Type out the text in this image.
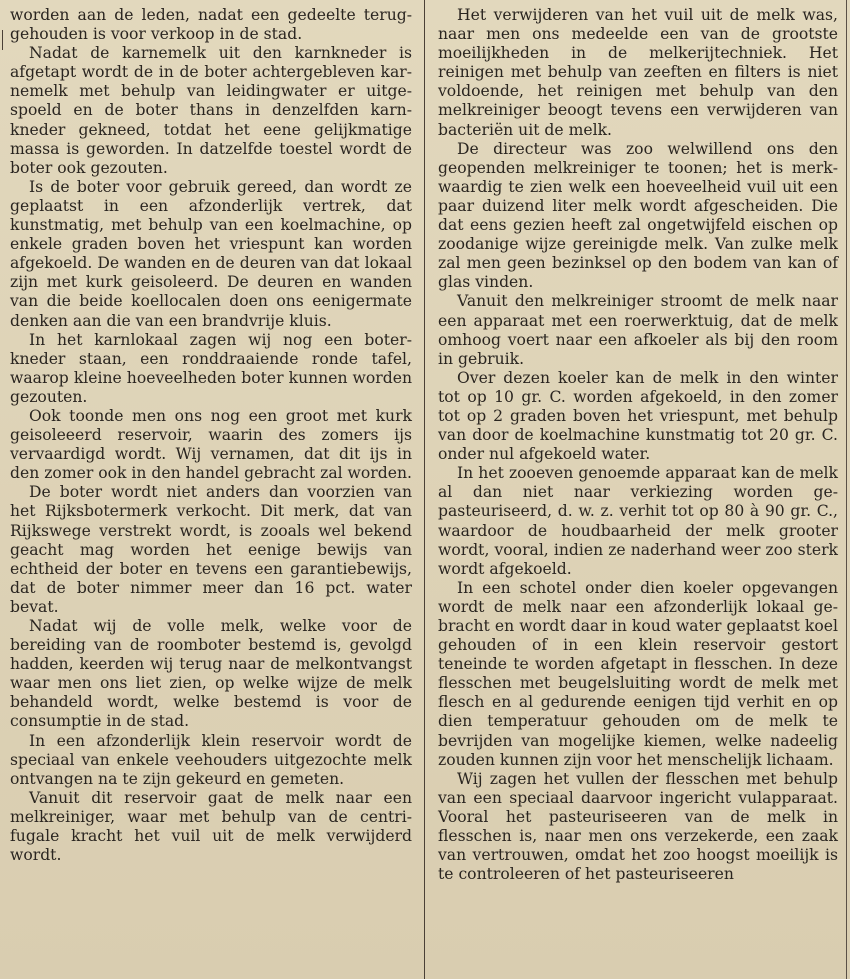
worden aan de leden, nadat een gedeelte teruggehouden is voor verkoop in de stad.

Nadat de karnemelk uit den karnkneder is afgetapt wordt de in de boter achtergebleven karnemelk met behulp van leidingwater er uitgespoeld en de boter thans in denzelfden karnkneder gekneed, totdat het eene gelijkmatige massa is geworden. In datzelfde toestel wordt de boter ook gezouten.

Is de boter voor gebruik gereed, dan wordt ze geplaatst in een afzonderlijk vertrek, dat kunstmatig, met behulp van een koelmachine, op enkele graden boven het vriespunt kan worden afgekoeld. De wanden en de deuren van dat lokaal zijn met kurk geisoleerd. De deuren en wanden van die beide koellocalen doen ons eenigermate denken aan die van een brandvrije kluis.

In het karnlokaal zagen wij nog een boterkneder staan, een ronddraaiende ronde tafel, waarop kleine hoeveelheden boter kunnen worden gezouten.

Ook toonde men ons nog een groot met kurk geisoleeerd reservoir, waarin des zomers ijs vervaardigd wordt. Wij vernamen, dat dit ijs in den zomer ook in den handel gebracht zal worden.

De boter wordt niet anders dan voorzien van het Rijksbotermerk verkocht. Dit merk, dat van Rijkswege verstrekt wordt, is zooals wel bekend geacht mag worden het eenige bewijs van echtheid der boter en tevens een garantiebewijs, dat de boter nimmer meer dan 16 pct. water bevat.

Nadat wij de volle melk, welke voor de bereiding van de roomboter bestemd is, gevolgd hadden, keerden wij terug naar de melkontvangst waar men ons liet zien, op welke wijze de melk behandeld wordt, welke bestemd is voor de consumptie in de stad.

In een afzonderlijk klein reservoir wordt de speciaal van enkele veehouders uitgezochte melk ontvangen na te zijn gekeurd en gemeten.

Vanuit dit reservoir gaat de melk naar een melkreiniger, waar met behulp van de centrifugale kracht het vuil uit de melk verwijderd wordt.

Het verwijderen van het vuil uit de melk was, naar men ons medeelde een van de grootste moeilijkheden in de melkerijtechniek. Het reinigen met behulp van zeeften en filters is niet voldoende, het reinigen met behulp van den melkreiniger beoogt tevens een verwijderen van bacteriën uit de melk.

De directeur was zoo welwillend ons den geopenden melkreiniger te toonen; het is merkwaardig te zien welk een hoeveelheid vuil uit een paar duizend liter melk wordt afgescheiden. Die dat eens gezien heeft zal ongetwijfeld eischen op zoodanige wijze gereinigde melk. Van zulke melk zal men geen bezinksel op den bodem van kan of glas vinden.

Vanuit den melkreiniger stroomt de melk naar een apparaat met een roerwerktuig, dat de melk omhoog voert naar een afkoeler als bij den room in gebruik.

Over dezen koeler kan de melk in den winter tot op 10 gr. C. worden afgekoeld, in den zomer tot op 2 graden boven het vriespunt, met behulp van door de koelmachine kunstmatig tot 20 gr. C. onder nul afgekoeld water.

In het zooeven genoemde apparaat kan de melk al dan niet naar verkiezing worden gepasteuriseerd, d. w. z. verhit tot op 80 à 90 gr. C., waardoor de houdbaarheid der melk grooter wordt, vooral, indien ze naderhand weer zoo sterk wordt afgekoeld.

In een schotel onder dien koeler opgevangen wordt de melk naar een afzonderlijk lokaal gebracht en wordt daar in koud water geplaatst koel gehouden of in een klein reservoir gestort teneinde te worden afgetapt in flesschen. In deze flesschen met beugelsluiting wordt de melk met flesch en al gedurende eenigen tijd verhit en op dien temperatuur gehouden om de melk te bevrijden van mogelijke kiemen, welke nadeelig zouden kunnen zijn voor het menschelijk lichaam.

Wij zagen het vullen der flesschen met behulp van een speciaal daarvoor ingericht vulapparaat. Vooral het pasteuriseeren van de melk in flesschen is, naar men ons verzekerde, een zaak van vertrouwen, omdat het zoo hoogst moeilijk is te controleeren of het pasteuriseeren
